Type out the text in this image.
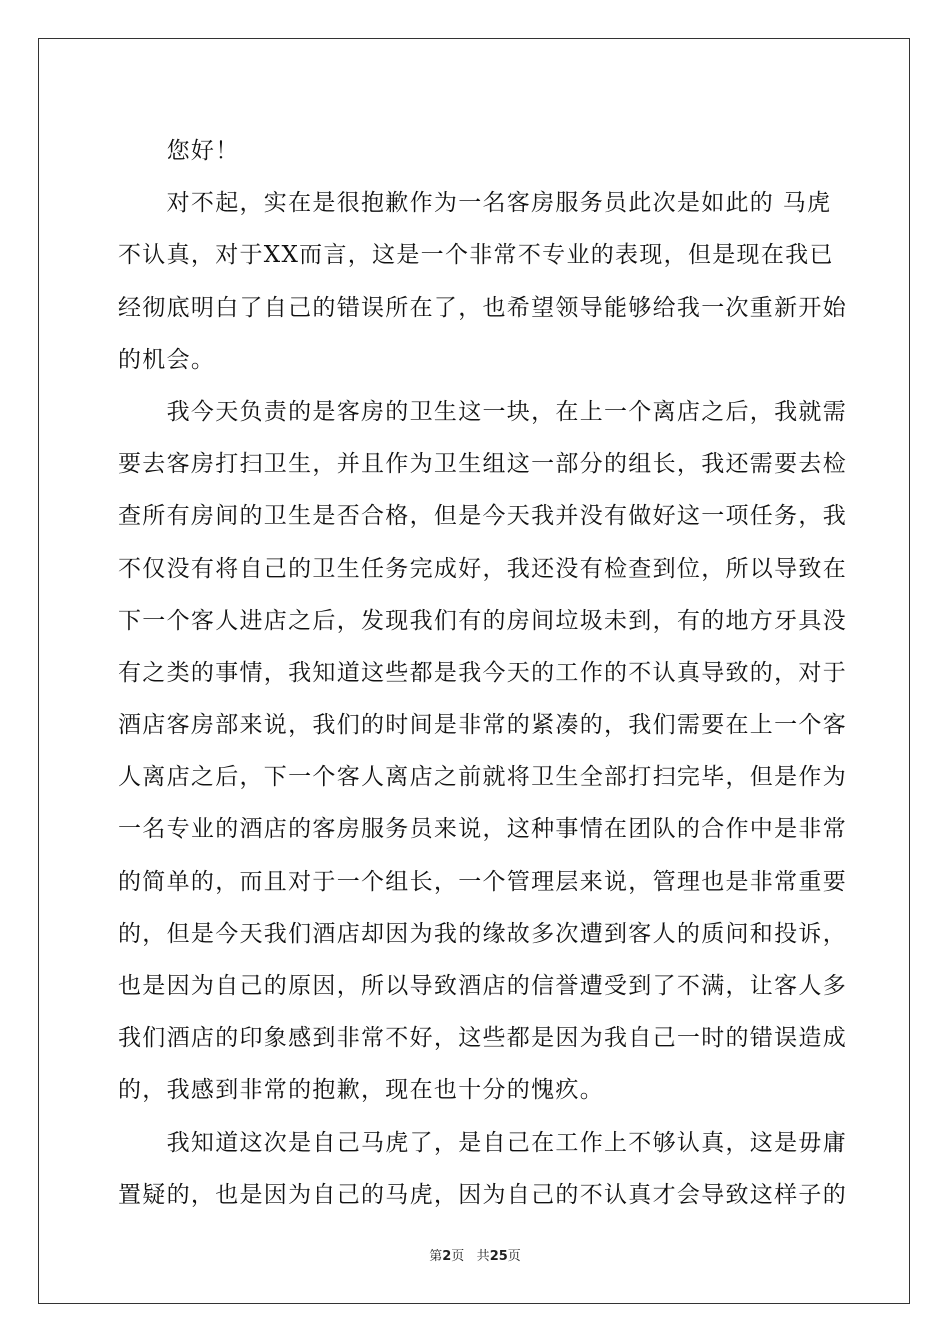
　　您好！
　　对不起，实在是很抱歉作为一名客房服务员此次是如此的 马虎
不认真，对于XX而言，这是一个非常不专业的表现，但是现在我已
经彻底明白了自己的错误所在了，也希望领导能够给我一次重新开始
的机会。
　　我今天负责的是客房的卫生这一块，在上一个离店之后，我就需
要去客房打扫卫生，并且作为卫生组这一部分的组长，我还需要去检
查所有房间的卫生是否合格，但是今天我并没有做好这一项任务，我
不仅没有将自己的卫生任务完成好，我还没有检查到位，所以导致在
下一个客人进店之后，发现我们有的房间垃圾未到，有的地方牙具没
有之类的事情，我知道这些都是我今天的工作的不认真导致的，对于
酒店客房部来说，我们的时间是非常的紧凑的，我们需要在上一个客
人离店之后，下一个客人离店之前就将卫生全部打扫完毕，但是作为
一名专业的酒店的客房服务员来说，这种事情在团队的合作中是非常
的简单的，而且对于一个组长，一个管理层来说，管理也是非常重要
的，但是今天我们酒店却因为我的缘故多次遭到客人的质问和投诉，
也是因为自己的原因，所以导致酒店的信誉遭受到了不满，让客人多
我们酒店的印象感到非常不好，这些都是因为我自己一时的错误造成
的，我感到非常的抱歉，现在也十分的愧疚。
　　我知道这次是自己马虎了，是自己在工作上不够认真，这是毋庸
置疑的，也是因为自己的马虎，因为自己的不认真才会导致这样子的
第2页 共25页
